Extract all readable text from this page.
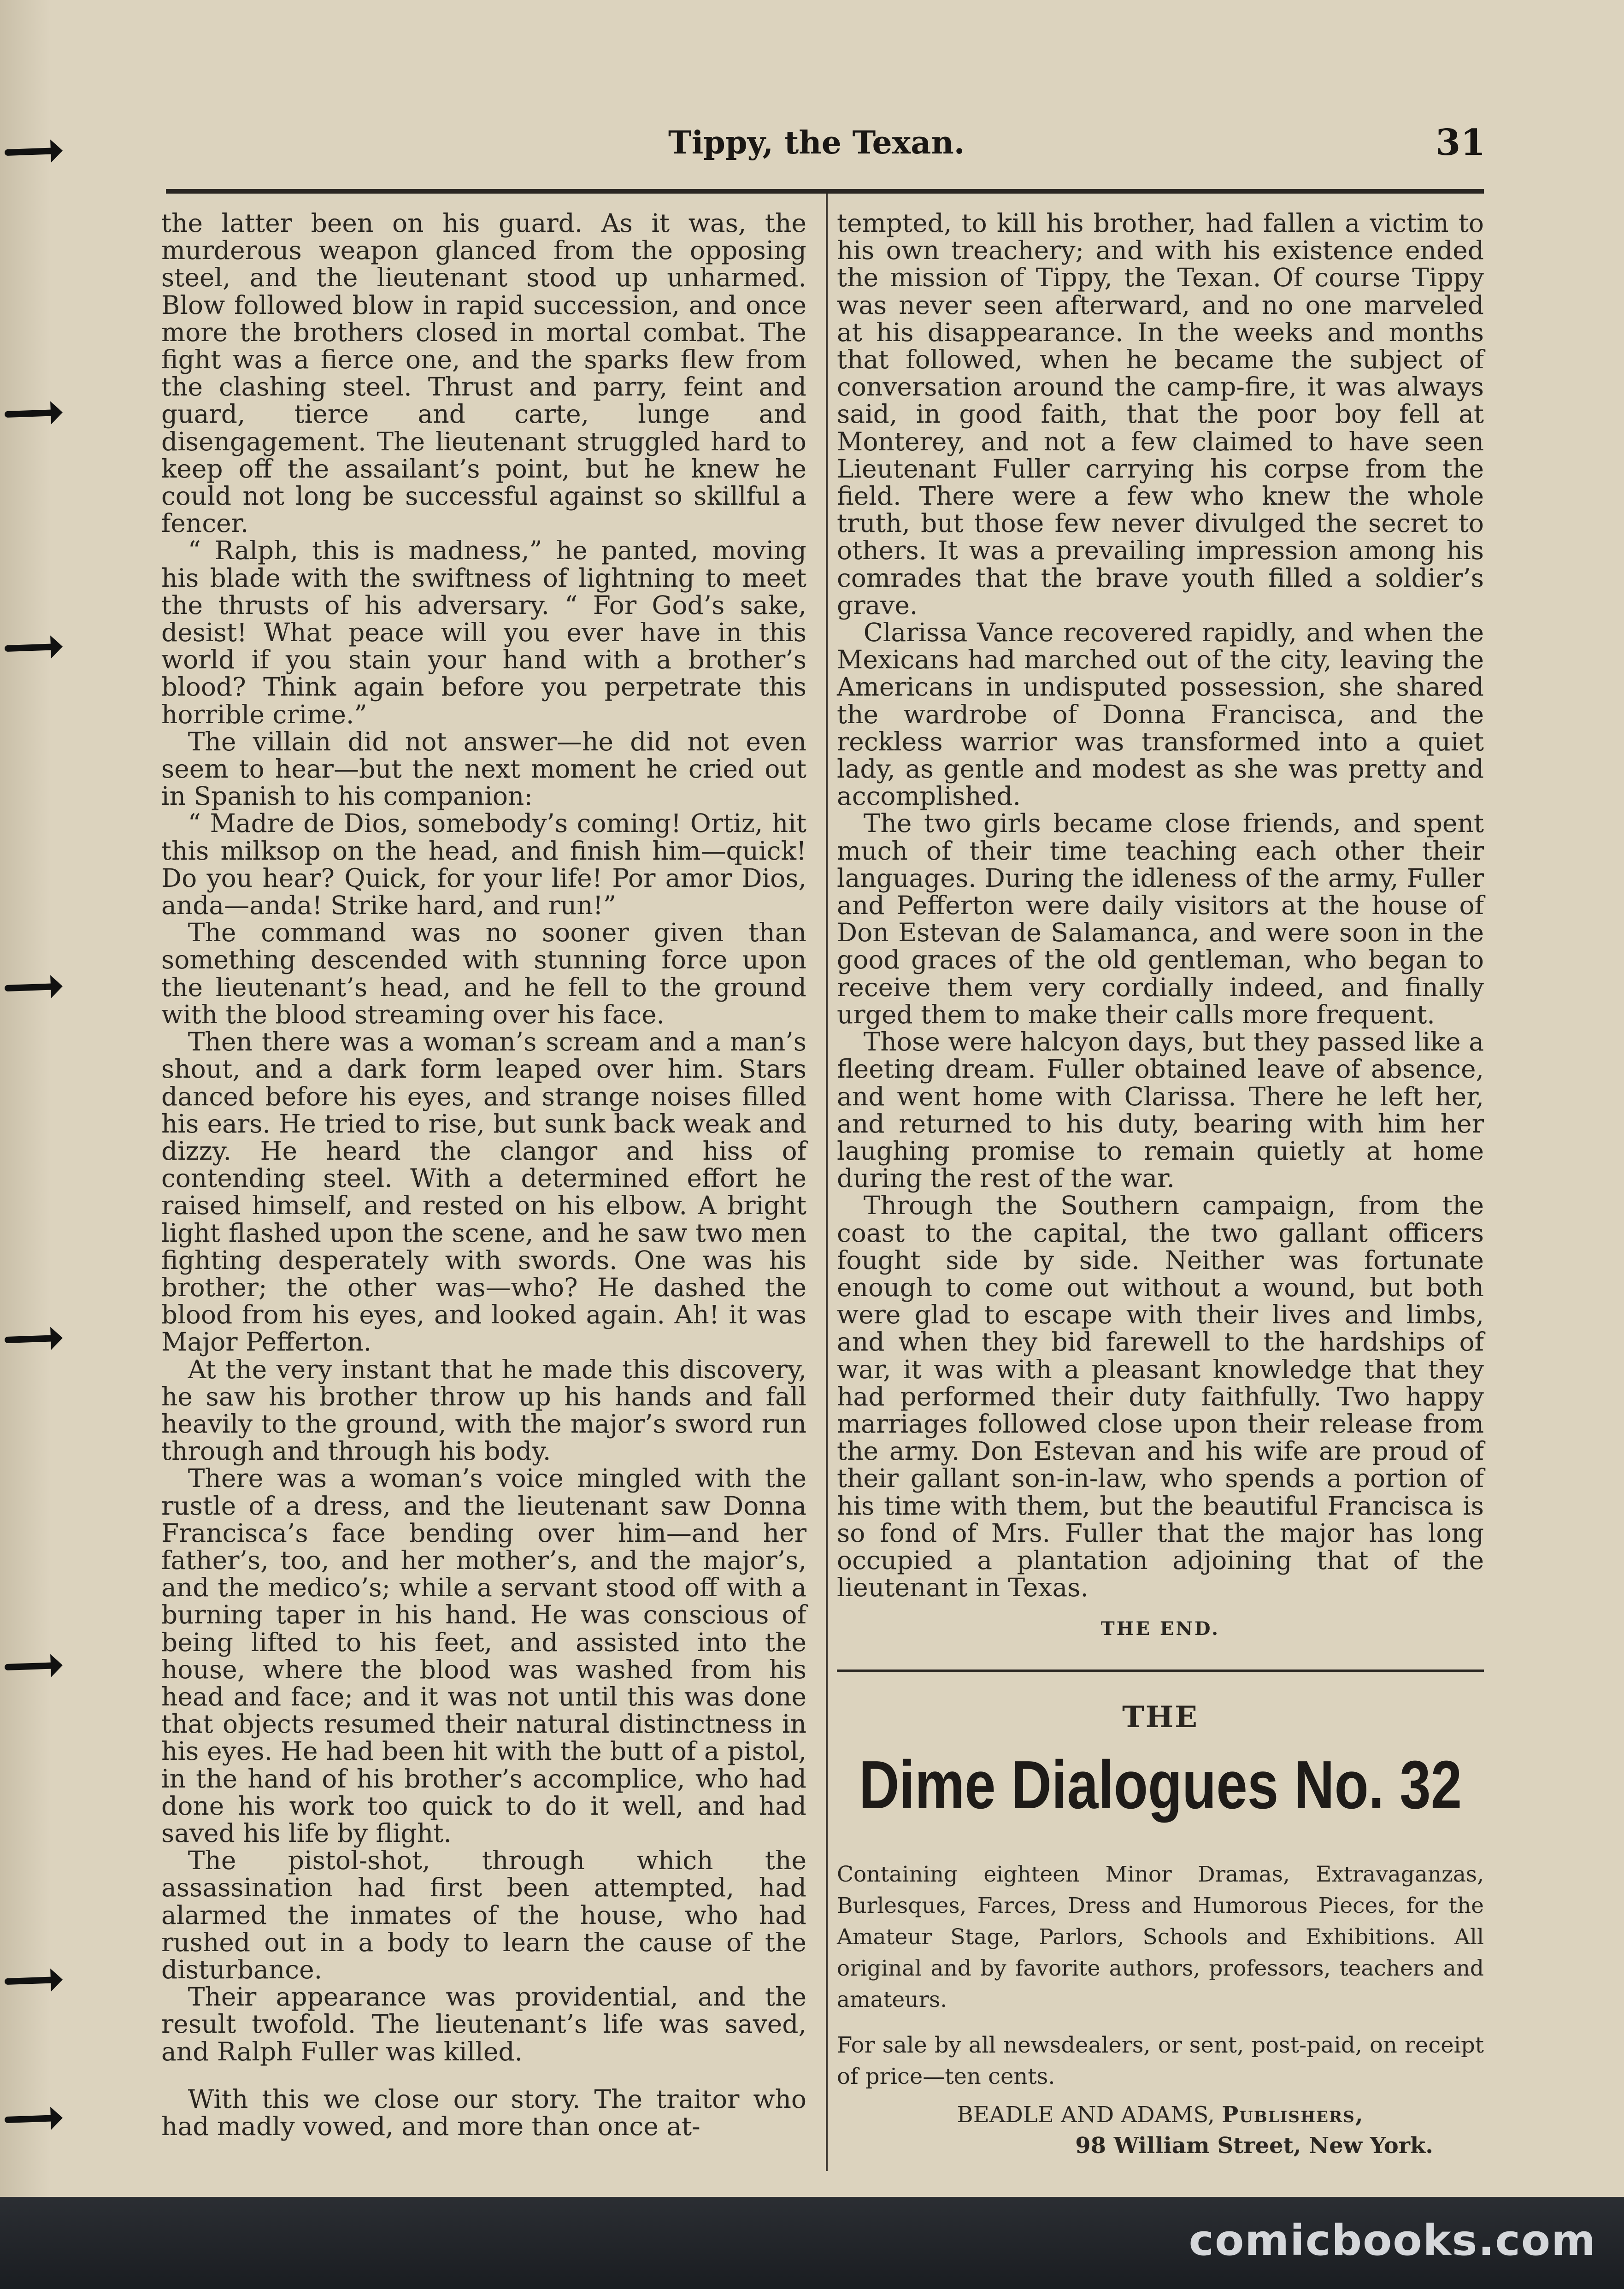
Tippy, the Texan.	31

the latter been on his guard. As it was, the murderous weapon glanced from the opposing steel, and the lieutenant stood up unharmed. Blow followed blow in rapid succession, and once more the brothers closed in mortal combat. The fight was a fierce one, and the sparks flew from the clashing steel. Thrust and parry, feint and guard, tierce and carte, lunge and disengagement. The lieutenant struggled hard to keep off the assailant’s point, but he knew he could not long be successful against so skillful a fencer.

“ Ralph, this is madness,” he panted, moving his blade with the swiftness of lightning to meet the thrusts of his adversary. “ For God’s sake, desist! What peace will you ever have in this world if you stain your hand with a brother’s blood? Think again before you perpetrate this horrible crime.”

The villain did not answer—he did not even seem to hear—but the next moment he cried out in Spanish to his companion:

“ Madre de Dios, somebody’s coming! Ortiz, hit this milksop on the head, and finish him—quick! Do you hear? Quick, for your life! Por amor Dios, anda—anda! Strike hard, and run!”

The command was no sooner given than something descended with stunning force upon the lieutenant’s head, and he fell to the ground with the blood streaming over his face.

Then there was a woman’s scream and a man’s shout, and a dark form leaped over him. Stars danced before his eyes, and strange noises filled his ears. He tried to rise, but sunk back weak and dizzy. He heard the clangor and hiss of contending steel. With a determined effort he raised himself, and rested on his elbow. A bright light flashed upon the scene, and he saw two men fighting desperately with swords. One was his brother; the other was—who? He dashed the blood from his eyes, and looked again. Ah! it was Major Pefferton.

At the very instant that he made this discovery, he saw his brother throw up his hands and fall heavily to the ground, with the major’s sword run through and through his body.

There was a woman’s voice mingled with the rustle of a dress, and the lieutenant saw Donna Francisca’s face bending over him—and her father’s, too, and her mother’s, and the major’s, and the medico’s; while a servant stood off with a burning taper in his hand. He was conscious of being lifted to his feet, and assisted into the house, where the blood was washed from his head and face; and it was not until this was done that objects resumed their natural distinctness in his eyes. He had been hit with the butt of a pistol, in the hand of his brother’s accomplice, who had done his work too quick to do it well, and had saved his life by flight.

The pistol-shot, through which the assassination had first been attempted, had alarmed the inmates of the house, who had rushed out in a body to learn the cause of the disturbance.

Their appearance was providential, and the result twofold. The lieutenant’s life was saved, and Ralph Fuller was killed.

With this we close our story. The traitor who had madly vowed, and more than once at-

tempted, to kill his brother, had fallen a victim to his own treachery; and with his existence ended the mission of Tippy, the Texan. Of course Tippy was never seen afterward, and no one marveled at his disappearance. In the weeks and months that followed, when he became the subject of conversation around the camp-fire, it was always said, in good faith, that the poor boy fell at Monterey, and not a few claimed to have seen Lieutenant Fuller carrying his corpse from the field. There were a few who knew the whole truth, but those few never divulged the secret to others. It was a prevailing impression among his comrades that the brave youth filled a soldier’s grave.

Clarissa Vance recovered rapidly, and when the Mexicans had marched out of the city, leaving the Americans in undisputed possession, she shared the wardrobe of Donna Francisca, and the reckless warrior was transformed into a quiet lady, as gentle and modest as she was pretty and accomplished.

The two girls became close friends, and spent much of their time teaching each other their languages. During the idleness of the army, Fuller and Pefferton were daily visitors at the house of Don Estevan de Salamanca, and were soon in the good graces of the old gentleman, who began to receive them very cordially indeed, and finally urged them to make their calls more frequent.

Those were halcyon days, but they passed like a fleeting dream. Fuller obtained leave of absence, and went home with Clarissa. There he left her, and returned to his duty, bearing with him her laughing promise to remain quietly at home during the rest of the war.

Through the Southern campaign, from the coast to the capital, the two gallant officers fought side by side. Neither was fortunate enough to come out without a wound, but both were glad to escape with their lives and limbs, and when they bid farewell to the hardships of war, it was with a pleasant knowledge that they had performed their duty faithfully. Two happy marriages followed close upon their release from the army. Don Estevan and his wife are proud of their gallant son-in-law, who spends a portion of his time with them, but the beautiful Francisca is so fond of Mrs. Fuller that the major has long occupied a plantation adjoining that of the lieutenant in Texas.

THE END.
THE
Dime Dialogues No. 32
Containing eighteen Minor Dramas, Extravaganzas, Burlesques, Farces, Dress and Humorous Pieces, for the Amateur Stage, Parlors, Schools and Exhibitions. All original and by favorite authors, professors, teachers and amateurs.
For sale by all newsdealers, or sent, post-paid, on receipt of price—ten cents.
BEADLE AND ADAMS, Publishers,
98 William Street, New York.
comicbooks.com
